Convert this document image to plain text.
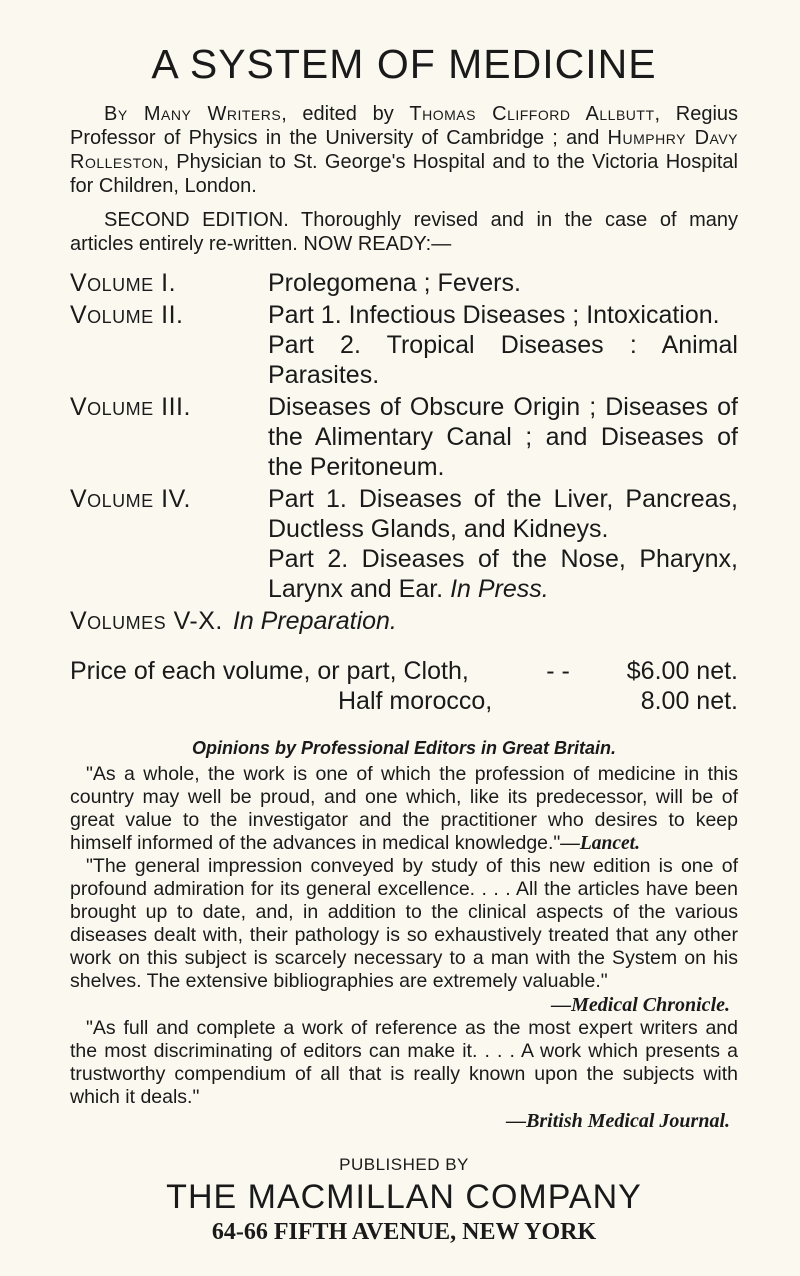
A SYSTEM OF MEDICINE

By Many Writers, edited by Thomas Clifford Allbutt, Regius Professor of Physics in the University of Cambridge ; and Humphry Davy Rolleston, Physician to St. George's Hospital and to the Victoria Hospital for Children, London.

SECOND EDITION. Thoroughly revised and in the case of many articles entirely re-written. NOW READY:—

Volume I.	Prolegomena ; Fevers.

Volume II.	Part 1. Infectious Diseases ; Intoxication.

Part 2. Tropical Diseases : Animal Parasites.

Volume III.	Diseases of Obscure Origin ; Diseases of the Alimentary Canal ; and Diseases of the Peritoneum.

Volume IV.	Part 1. Diseases of the Liver, Pancreas, Ductless Glands, and Kidneys.

Part 2. Diseases of the Nose, Pharynx, Larynx and Ear. In Press.

Volumes V-X. In Preparation.
Price of each volume, or part, Cloth,	- -	$6.00 net.
Half morocco,	8.00 net.
Opinions by Professional Editors in Great Britain.

"As a whole, the work is one of which the profession of medicine in this country may well be proud, and one which, like its predecessor, will be of great value to the investigator and the practitioner who desires to keep himself informed of the advances in medical knowledge."—Lancet.

"The general impression conveyed by study of this new edition is one of profound admiration for its general excellence. . . . All the articles have been brought up to date, and, in addition to the clinical aspects of the various diseases dealt with, their pathology is so exhaustively treated that any other work on this subject is scarcely necessary to a man with the System on his shelves. The extensive bibliographies are extremely valuable."

—Medical Chronicle.

"As full and complete a work of reference as the most expert writers and the most discriminating of editors can make it. . . . A work which presents a trustworthy compendium of all that is really known upon the subjects with which it deals."

—British Medical Journal.
PUBLISHED BY
THE MACMILLAN COMPANY
64-66 FIFTH AVENUE, NEW YORK
